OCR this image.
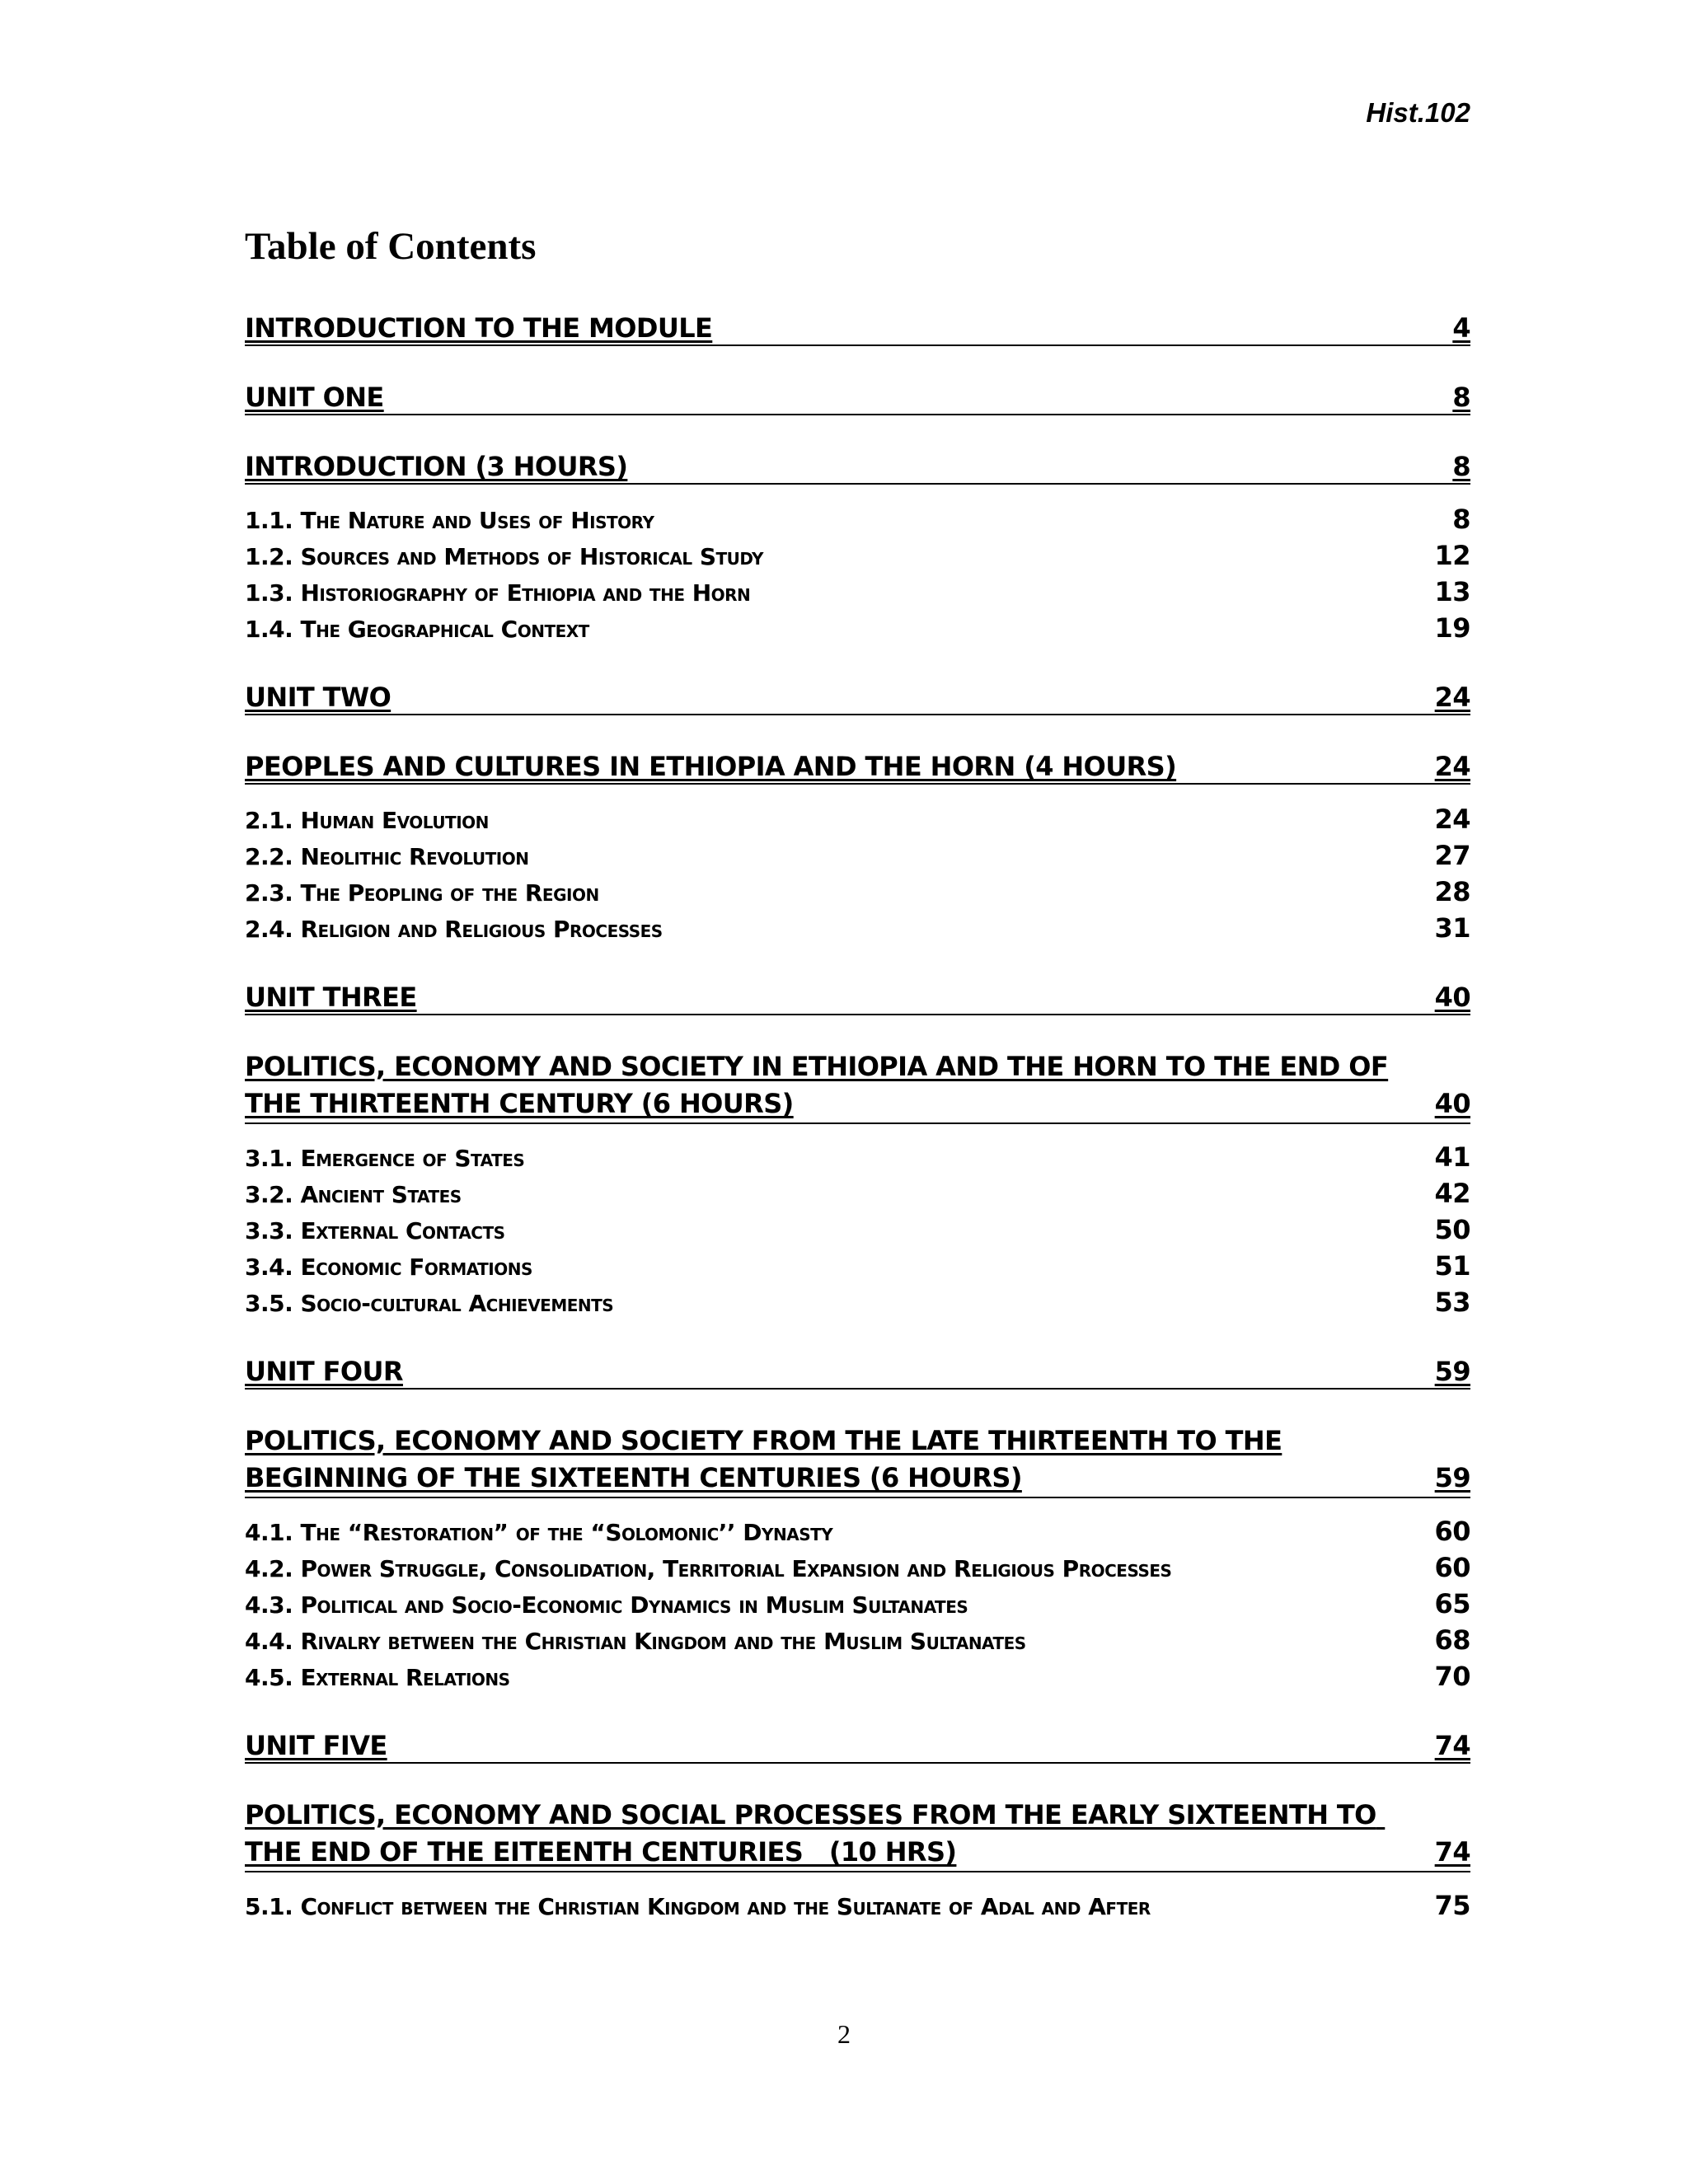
Hist.102
Table of Contents
INTRODUCTION TO THE MODULE	4
UNIT ONE	8
INTRODUCTION (3 HOURS)	8
1.1. The Nature and Uses of History	8
1.2. Sources and Methods of Historical Study	12
1.3. Historiography of Ethiopia and the Horn	13
1.4. The Geographical Context	19
UNIT TWO	24
PEOPLES AND CULTURES IN ETHIOPIA AND THE HORN (4 HOURS)	24
2.1. Human Evolution	24
2.2. Neolithic Revolution	27
2.3. The Peopling of the Region	28
2.4. Religion and Religious Processes	31
UNIT THREE	40
POLITICS, ECONOMY AND SOCIETY IN ETHIOPIA AND THE HORN TO THE END OF THE THIRTEENTH CENTURY (6 HOURS)	40
3.1. Emergence of States	41
3.2. Ancient States	42
3.3. External Contacts	50
3.4. Economic Formations	51
3.5. Socio-cultural Achievements	53
UNIT FOUR	59
POLITICS, ECONOMY AND SOCIETY FROM THE LATE THIRTEENTH TO THE BEGINNING OF THE SIXTEENTH CENTURIES (6 HOURS)	59
4.1. The “Restoration” of the “Solomonic’’ Dynasty	60
4.2. Power Struggle, Consolidation, Territorial Expansion and Religious Processes	60
4.3. Political and Socio-Economic Dynamics in Muslim Sultanates	65
4.4. Rivalry between the Christian Kingdom and the Muslim Sultanates	68
4.5. External Relations	70
UNIT FIVE	74
POLITICS, ECONOMY AND SOCIAL PROCESSES FROM THE EARLY SIXTEENTH TO THE END OF THE EITEENTH CENTURIES   (10 HRS)	74
5.1. Conflict between the Christian Kingdom and the Sultanate of Adal and After	75
2
